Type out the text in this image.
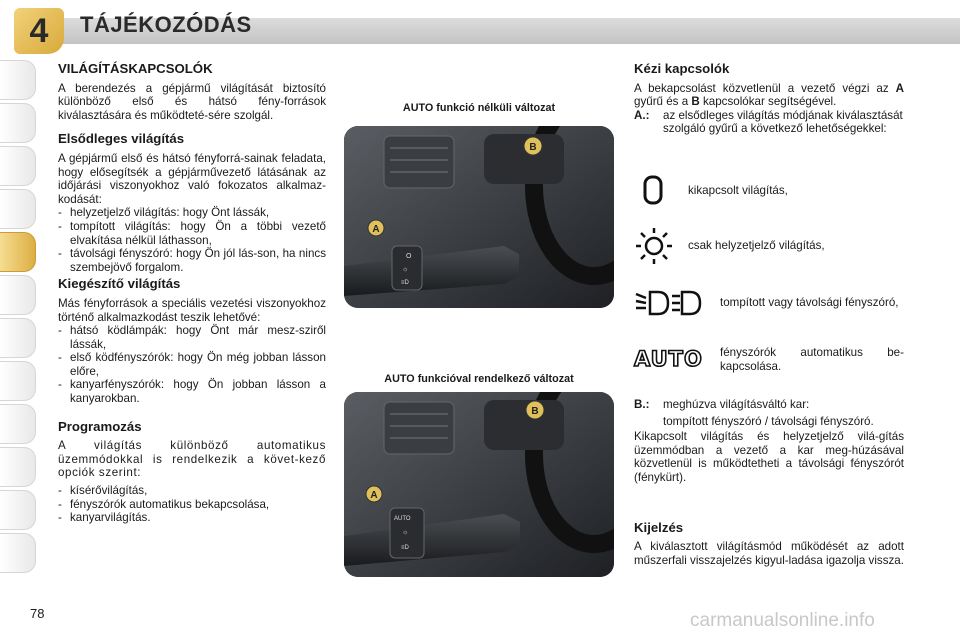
4	TÁJÉKOZÓDÁS
VILÁGÍTÁSKAPCSOLÓK

A berendezés a gépjármű világítását biztosító különböző első és hátsó fény-források kiválasztására és működteté-sére szolgál.

Elsődleges világítás

A gépjármű első és hátsó fényforrá-sainak feladata, hogy elősegítsék a gépjárművezető látásának az időjárási viszonyokhoz való fokozatos alkalmaz-kodását:

- helyzetjelző világítás: hogy Önt lássák,
- tompított világítás: hogy Ön a többi vezető elvakítása nélkül láthasson,
- távolsági fényszóró: hogy Ön jól lás-son, ha nincs szembejövő forgalom.
Kiegészítő világítás

Más fényforrások a speciális vezetési viszonyokhoz történő alkalmazkodást teszik lehetővé:

- hátsó ködlámpák: hogy Önt már mesz-sziről lássák,
- első ködfényszórók: hogy Ön még jobban lásson előre,
- kanyarfényszórók: hogy Ön jobban lásson a kanyarokban.
Programozás

A világítás különböző automatikus üzemmódokkal is rendelkezik a követ-kező opciók szerint:

- kísérővilágítás,
- fényszórók automatikus bekapcsolása,
- kanyarvilágítás.
AUTO funkció nélküli változat
B
O
☼
≡D
A
AUTO funkcióval rendelkező változat
B
AUTO
☼
≡D
A
Kézi kapcsolók

A bekapcsolást közvetlenül a vezető végzi az A gyűrű és a B kapcsolókar segítségével.

A.:	az elsődleges világítás módjának kiválasztását szolgáló gyűrű a következő lehetőségekkel:
kikapcsolt világítás,
csak helyzetjelző világítás,
tompított vagy távolsági fényszóró,
AUTO	fényszórók automatikus be-kapcsolása.
B.:	meghúzva világításváltó kar:
tompított fényszóró / távolsági fényszóró.

Kikapcsolt világítás és helyzetjelző vilá-gítás üzemmódban a vezető a kar meg-húzásával közvetlenül is működtetheti a távolsági fényszórót (fénykürt).

Kijelzés

A kiválasztott világításmód működését az adott műszerfali visszajelzés kigyul-ladása igazolja vissza.

78	carmanualsonline.info
